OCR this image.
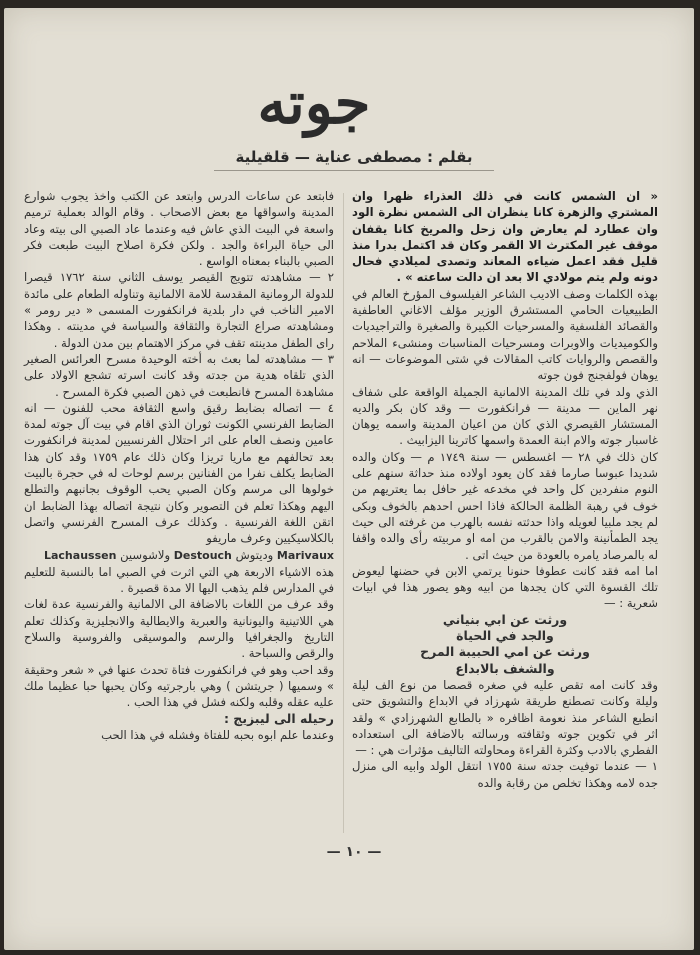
جوته
بقلم : مصطفى عناية — قلقيلية

« ان الشمس كانت في ذلك العذراء ظهرا وان المشتري والزهرة كانا ينظران الى الشمس نظرة الود وان عطارد لم يعارض وان زحل والمريخ كانا يقفان موقف غير المكترث الا القمر وكان قد اكتمل بدرا منذ قليل فقد اعمل ضياءه المعاند وتصدى لميلادي فحال دونه ولم يتم مولادي الا بعد ان دالت ساعته » .

بهذه الكلمات وصف الاديب الشاعر الفيلسوف المؤرخ العالم في الطبيعيات الحامي المستشرق الوزير مؤلف الاغاني العاطفية والقصائد الفلسفية والمسرحيات الكبيرة والصغيرة والتراجيديات والكوميديات والاوبرات ومسرحيات المناسبات ومنشىء الملاحم والقصص والروايات كاتب المقالات في شتى الموضوعات — انه يوهان فولفجنج فون جوته

الذي ولد في تلك المدينة الالمانية الجميلة الواقعة على شفاف نهر الماين — مدينة — فرانكفورت — وقد كان بكر والديه المستشار القيصري الذي كان من اعيان المدينة واسمه يوهان غاسبار جوته والام ابنة العمدة واسمها كاترينا اليزابيث .

كان ذلك في ٢٨ — اغسطس — سنة ١٧٤٩ م — وكان والده شديدا عبوسا صارما فقد كان يعود اولاده منذ حداثة سنهم على النوم منفردين كل واحد في مخدعه غير حافل بما يعتريهم من خوف في رهبة الظلمة الحالكة فاذا احس احدهم بالخوف وبكى لم يجد ملبيا لعويله واذا حدثته نفسه بالهرب من غرفته الى حيث يجد الطمأنينة والامن بالقرب من امه او مربيته رأى والده واقفا له بالمرصاد يامره بالعودة من حيث اتى .

اما امه فقد كانت عطوفا حنونا يرتمي الابن في حضنها ليعوض تلك القسوة التي كان يجدها من ابيه وهو يصور هذا في ابيات شعرية : —

ورثت عن ابي بنياني

والجد في الحياة

ورثت عن امي الحبيبة المرح

والشغف بالابداع

وقد كانت امه تقص عليه في صغره قصصا من نوع الف ليلة وليلة وكانت تصطنع طريقة شهرزاد في الابداع والتشويق حتى انطبع الشاعر منذ نعومة اظافره « بالطابع الشهرزادي » ولقد اثر في تكوين جوته وثقافته ورسالته بالاضافة الى استعداده الفطري بالادب وكثرة القراءة ومحاولته التاليف مؤثرات هي : —

١ — عندما توفيت جدته سنة ١٧٥٥ انتقل الولد وابيه الى منزل جده لامه وهكذا تخلص من رقابة والده

فابتعد عن ساعات الدرس وابتعد عن الكتب واخذ يجوب شوارع المدينة واسواقها مع بعض الاصحاب . وقام الوالد بعملية ترميم واسعة في البيت الذي عاش فيه وعندما عاد الصبي الى بيته وعاد الى حياة البراءة والجد . ولكن فكرة اصلاح البيت طبعت فكر الصبي بالبناء بمعناه الواسع .

٢ — مشاهدته تتويج القيصر يوسف الثاني سنة ١٧٦٢ قيصرا للدولة الرومانية المقدسة للامة الالمانية وتناوله الطعام على مائدة الامير الناخب في دار بلدية فرانكفورت المسمى « دير رومر » ومشاهدته صراع التجارة والثقافة والسياسة في مدينته . وهكذا راى الطفل مدينته تقف في مركز الاهتمام بين مدن الدولة .

٣ — مشاهدته لما بعث به أخته الوحيدة مسرح العرائس الصغير الذي تلقاه هدية من جدته وقد كانت اسرته تشجع الاولاد على مشاهدة المسرح فانطبعت في ذهن الصبي فكرة المسرح .

٤ — اتصاله بضابط رقيق واسع الثقافة محب للفنون — انه الضابط الفرنسي الكونت ثوران الذي اقام في بيت آل جوته لمدة عامين ونصف العام على اثر احتلال الفرنسيين لمدينة فرانكفورت بعد تحالفهم مع ماريا تريزا وكان ذلك عام ١٧٥٩ وقد كان هذا الضابط يكلف نفرا من الفنانين برسم لوحات له في حجرة بالبيت خولوها الى مرسم وكان الصبي يحب الوقوف بجانبهم والتطلع اليهم وهكذا تعلم فن التصوير وكان نتيجة اتصاله بهذا الضابط ان اتقن اللغة الفرنسية . وكذلك عرف المسرح الفرنسي واتصل بالكلاسيكيين وعرف ماريفو

Marivaux وديتوش Destouch ولاشوسين Lachaussen

هذه الاشياء الاربعة هي التي اثرت في الصبي اما بالنسبة للتعليم في المدارس فلم يذهب اليها الا مدة قصيرة .

وقد عرف من اللغات بالاضافة الى الالمانية والفرنسية عدة لغات هي اللاتينية واليونانية والعبرية والايطالية والانجليزية وكذلك تعلم التاريخ والجغرافيا والرسم والموسيقى والفروسية والسلاح والرقص والسباحة .

وقد احب وهو في فرانكفورت فتاة تحدث عنها في « شعر وحقيقة » وسميها ( جريتشن ) وهي بارجرتيه وكان يحبها حبا عظيما ملك عليه عقله وقلبه ولكنه فشل في هذا الحب .

رحيله الى ليبزيج :

وعندما علم ابوه بحبه للفتاة وفشله في هذا الحب

— ١٠ —
